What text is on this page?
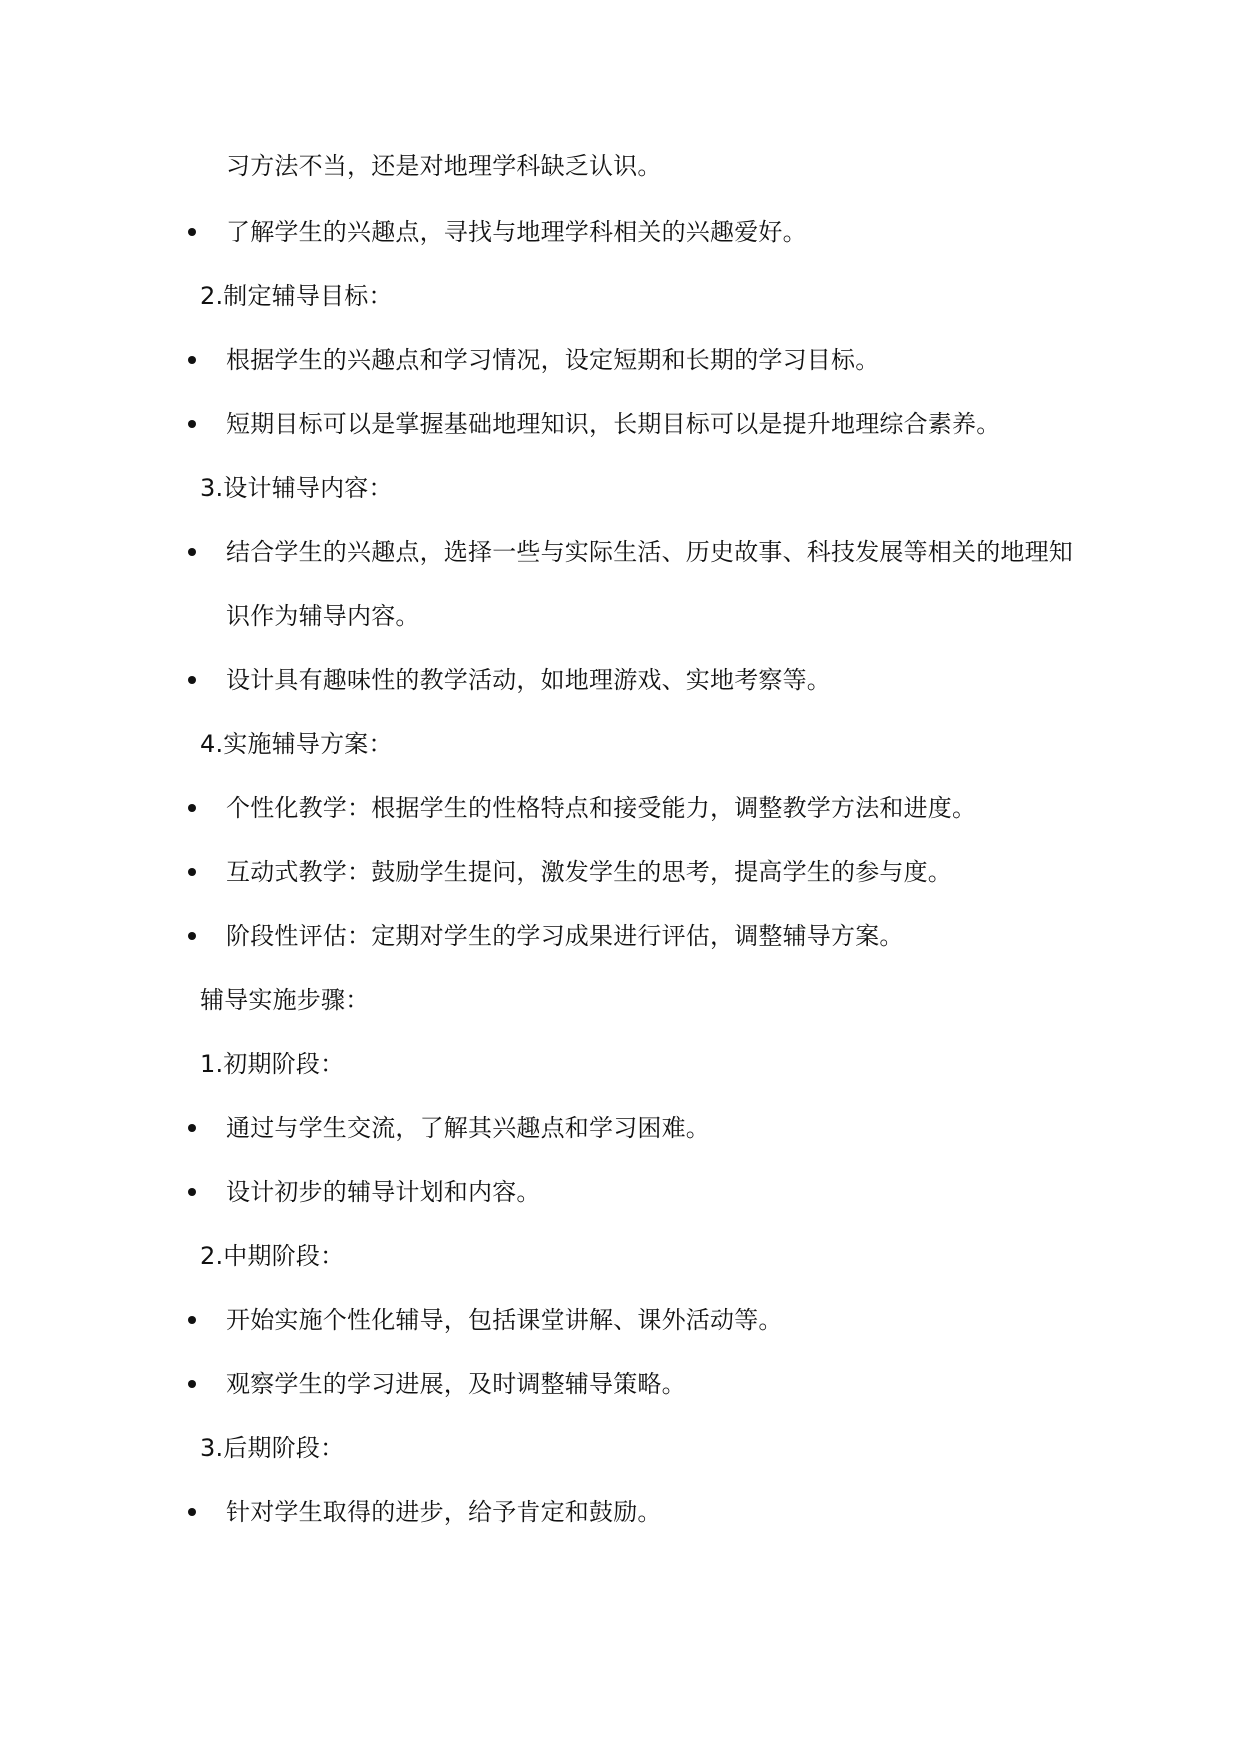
习方法不当，还是对地理学科缺乏认识。
了解学生的兴趣点，寻找与地理学科相关的兴趣爱好。
2.制定辅导目标：
根据学生的兴趣点和学习情况，设定短期和长期的学习目标。
短期目标可以是掌握基础地理知识，长期目标可以是提升地理综合素养。
3.设计辅导内容：
结合学生的兴趣点，选择一些与实际生活、历史故事、科技发展等相关的地理知
识作为辅导内容。
设计具有趣味性的教学活动，如地理游戏、实地考察等。
4.实施辅导方案：
个性化教学：根据学生的性格特点和接受能力，调整教学方法和进度。
互动式教学：鼓励学生提问，激发学生的思考，提高学生的参与度。
阶段性评估：定期对学生的学习成果进行评估，调整辅导方案。
辅导实施步骤：
1.初期阶段：
通过与学生交流，了解其兴趣点和学习困难。
设计初步的辅导计划和内容。
2.中期阶段：
开始实施个性化辅导，包括课堂讲解、课外活动等。
观察学生的学习进展，及时调整辅导策略。
3.后期阶段：
针对学生取得的进步，给予肯定和鼓励。
